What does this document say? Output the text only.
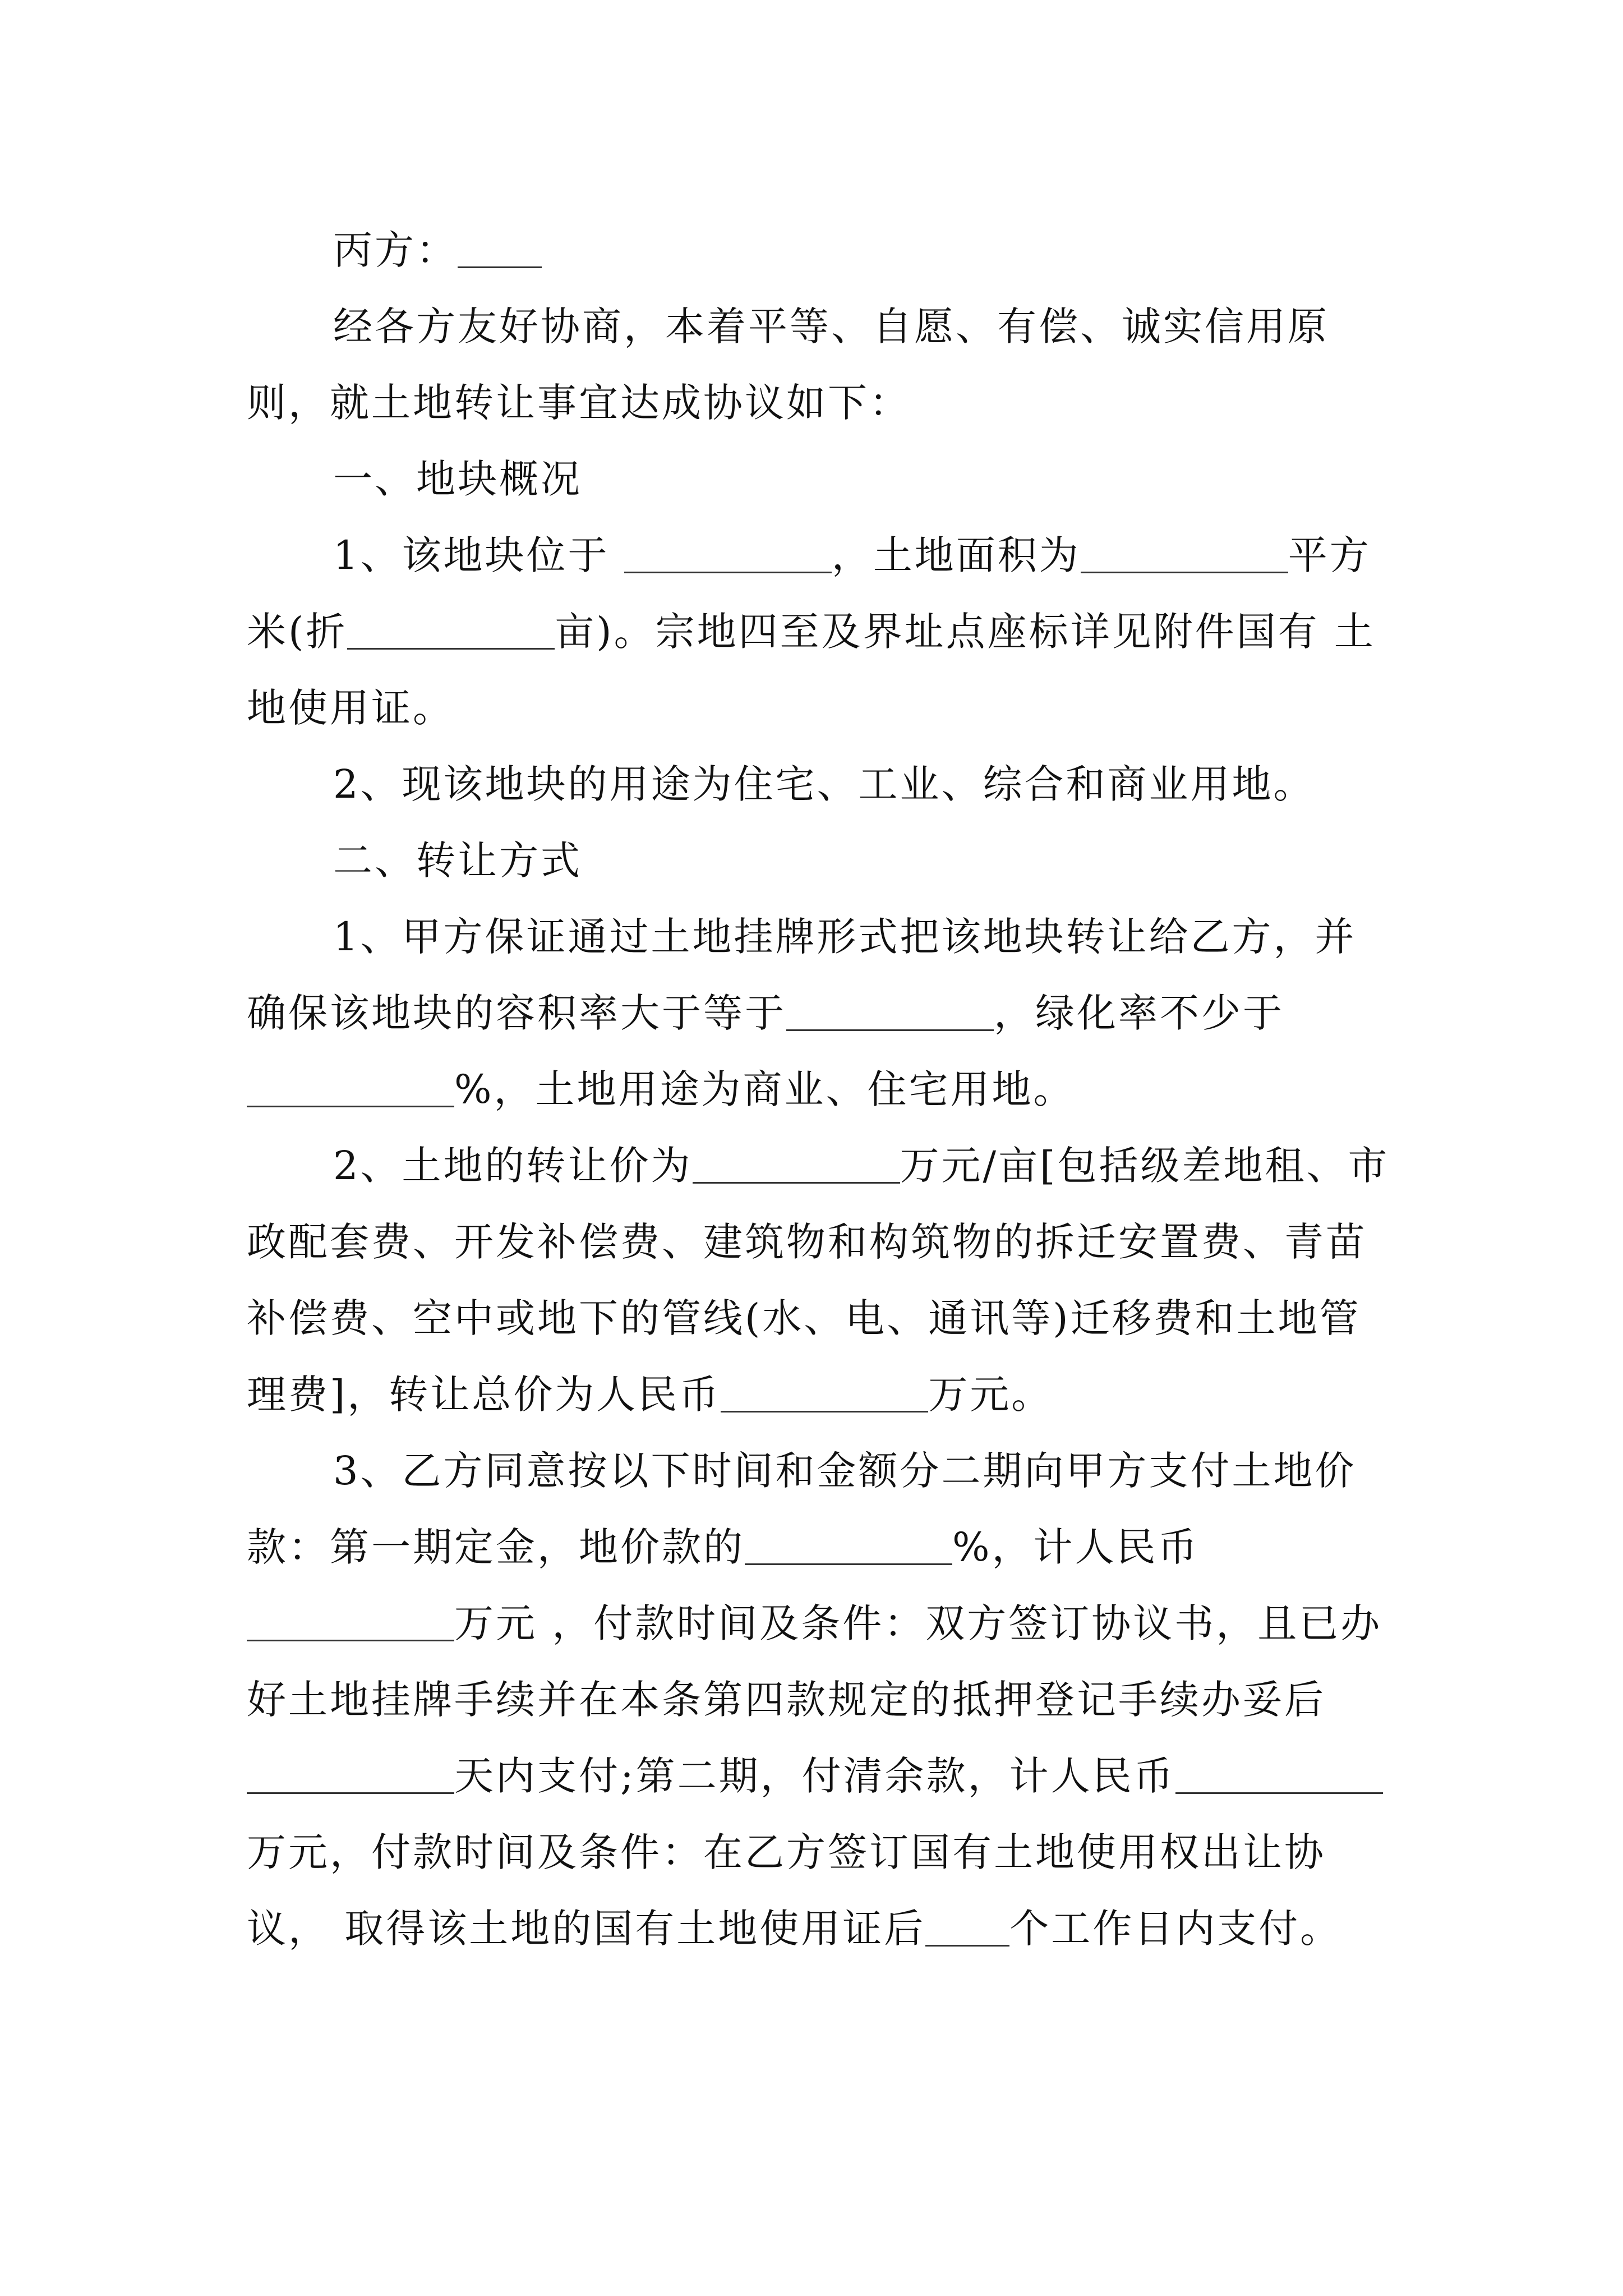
丙方：

经各方友好协商，本着平等、自愿、有偿、诚实信用原则，就土地转让事宜达成协议如下：

一、地块概况

1、该地块位于	，土地面积为	平方米(折	亩)。宗地四至及界址点座标详见附件国有 土地使用证。

2、现该地块的用途为住宅、工业、综合和商业用地。

二、转让方式

1、甲方保证通过土地挂牌形式把该地块转让给乙方，并确保该地块的容积率大于等于	，绿化率不少于%，土地用途为商业、住宅用地。

2、土地的转让价为	万元/亩[包括级差地租、市政配套费、开发补偿费、建筑物和构筑物的拆迁安置费、青苗补偿费、空中或地下的管线(水、电、通讯等)迁移费和土地管理费]，转让总价为人民币	万元。

3、乙方同意按以下时间和金额分二期向甲方支付土地价款：第一期定金，地价款的	%，计人民币万元 ，付款时间及条件：双方签订协议书，且已办好土地挂牌手续并在本条第四款规定的抵押登记手续办妥后天内支付;第二期，付清余款，计人民币万元，付款时间及条件：在乙方签订国有土地使用权出让协议， 取得该土地的国有土地使用证后 个工作日内支付。
